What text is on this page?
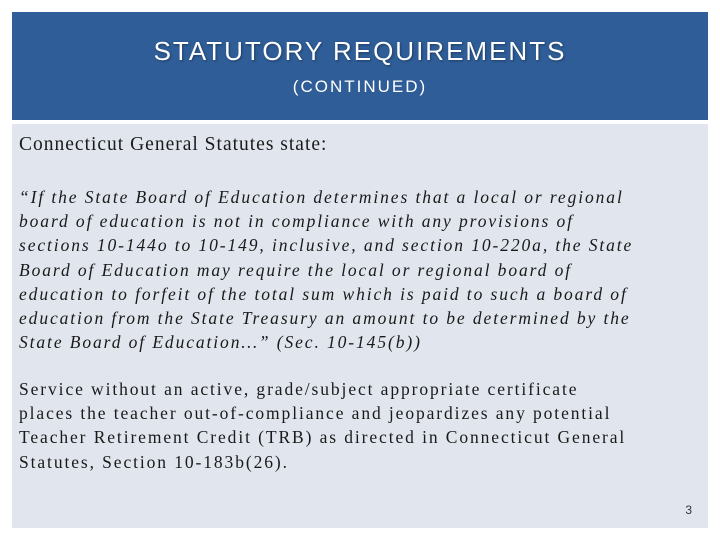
STATUTORY REQUIREMENTS
(CONTINUED)
Connecticut General Statutes state:
“If the State Board of Education determines that a local or regional
board of education is not in compliance with any provisions of
sections 10-144o to 10-149, inclusive, and section 10-220a, the State
Board of Education may require the local or regional board of
education to forfeit of the total sum which is paid to such a board of
education from the State Treasury an amount to be determined by the
State Board of Education…” (Sec. 10-145(b))
Service without an active, grade/subject appropriate certificate
places the teacher out-of-compliance and jeopardizes any potential
Teacher Retirement Credit (TRB) as directed in Connecticut General
Statutes, Section 10-183b(26).
3
